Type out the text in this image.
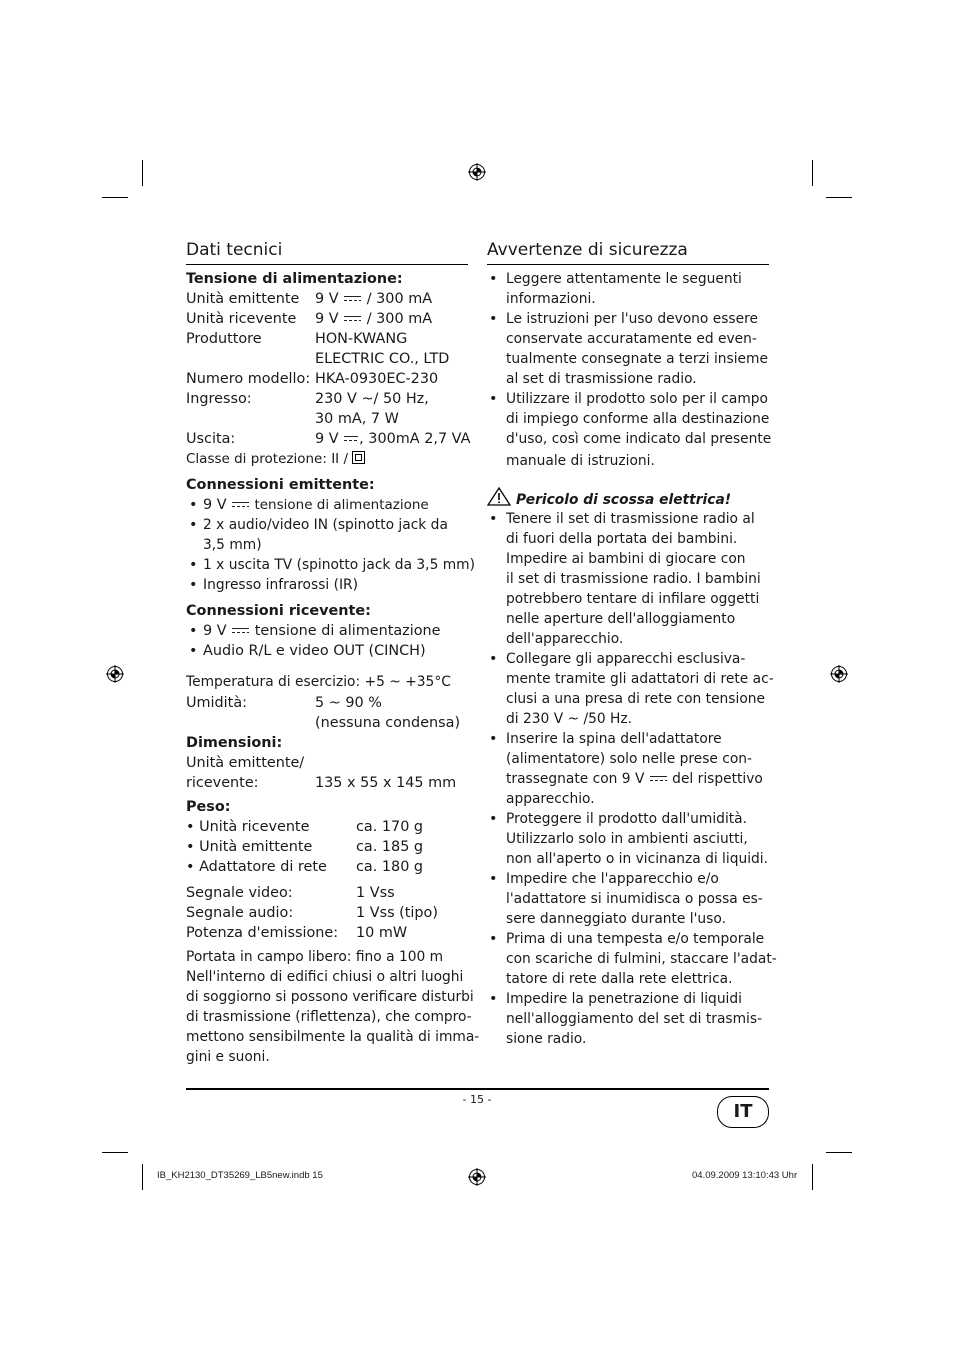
Dati tecnici
Tensione di alimentazione:
Unità emittente 9 V  / 300 mA
Unità ricevente 9 V  / 300 mA
Produttore	HON-KWANG
ELECTRIC CO., LTD
Numero modello: HKA-0930EC-230
Ingresso:	230 V ~/ 50 Hz,
30 mA, 7 W
Uscita:	9 V , 300mA 2,7 VA
Classe di protezione: II /
Connessioni emittente:
• 9 V  tensione di alimentazione
• 2 x audio/video IN (spinotto jack da 3,5 mm)
• 1 x uscita TV (spinotto jack da 3,5 mm)
• Ingresso infrarossi (IR)
Connessioni ricevente:
• 9 V  tensione di alimentazione
• Audio R/L e video OUT (CINCH)
Temperatura di esercizio: +5 ~ +35°C
Umidità:	5 ~ 90 %
(nessuna condensa)
Dimensioni:
Unità emittente/
ricevente:	135 x 55 x 145 mm
Peso:
• Unità ricevente	ca. 170 g
• Unità emittente	ca. 185 g
• Adattatore di rete ca. 180 g
Segnale video:	1 Vss
Segnale audio:	1 Vss (tipo)
Potenza d'emissione: 10 mW
Portata in campo libero: fino a 100 m
Nell'interno di edifici chiusi o altri luoghi
di soggiorno si possono verificare disturbi
di trasmissione (riflettenza), che compro-
mettono sensibilmente la qualità di imma-
gini e suoni.
Avvertenze di sicurezza
• Leggere attentamente le seguenti
informazioni.
• Le istruzioni per l'uso devono essere
conservate accuratamente ed even-
tualmente consegnate a terzi insieme
al set di trasmissione radio.
• Utilizzare il prodotto solo per il campo
di impiego conforme alla destinazione
d'uso, così come indicato dal presente
manuale di istruzioni.
Pericolo di scossa elettrica!
• Tenere il set di trasmissione radio al
di fuori della portata dei bambini.
Impedire ai bambini di giocare con
il set di trasmissione radio. I bambini
potrebbero tentare di infilare oggetti
nelle aperture dell'alloggiamento
dell'apparecchio.
• Collegare gli apparecchi esclusiva-
mente tramite gli adattatori di rete ac-
clusi a una presa di rete con tensione
di 230 V ~ /50 Hz.
• Inserire la spina dell'adattatore
(alimentatore) solo nelle prese con-
trassegnate con 9 V  del rispettivo
apparecchio.
• Proteggere il prodotto dall'umidità.
Utilizzarlo solo in ambienti asciutti,
non all'aperto o in vicinanza di liquidi.
• Impedire che l'apparecchio e/o
l'adattatore si inumidisca o possa es-
sere danneggiato durante l'uso.
• Prima di una tempesta e/o temporale
con scariche di fulmini, staccare l'adat-
tatore di rete dalla rete elettrica.
• Impedire la penetrazione di liquidi
nell'alloggiamento del set di trasmis-
sione radio.
- 15 -
IT
IB_KH2130_DT35269_LB5new.indb 15	04.09.2009 13:10:43 Uhr
